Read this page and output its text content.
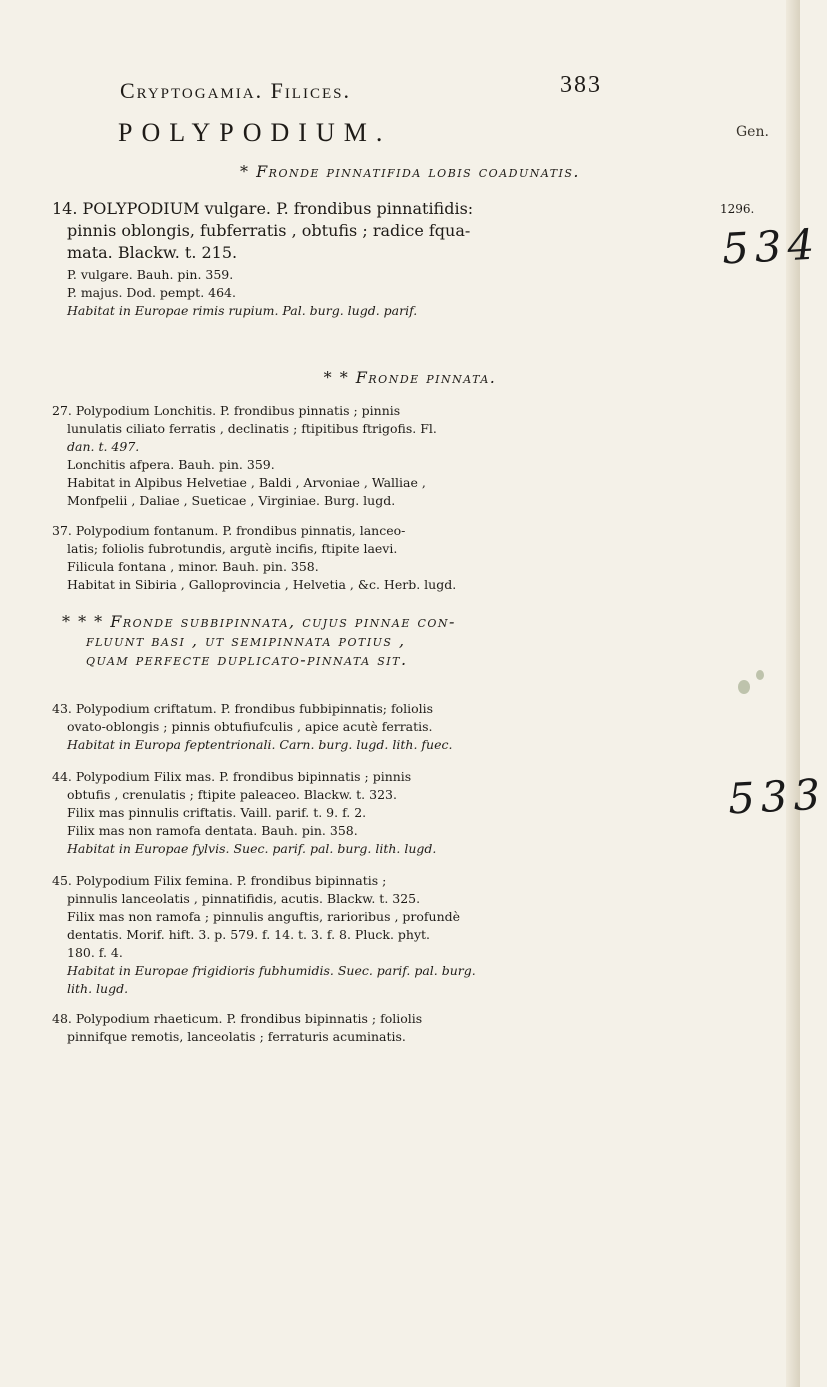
Cryptogamia. Filices.	383
POLYPODIUM.	Gen.
* Fronde pinnatifida lobis coadunatis.
14. POLYPODIUM vulgare. P. frondibus pinnatifidis:
pinnis oblongis, fubferratis , obtufis ; radice fqua-
mata. Blackw. t. 215.
P. vulgare. Bauh. pin. 359.
P. majus. Dod. pempt. 464.
Habitat in Europae rimis rupium. Pal. burg. lugd. parif.
1296.
534
* * Fronde pinnata.
27. Polypodium Lonchitis. P. frondibus pinnatis ; pinnis
lunulatis ciliato ferratis , declinatis ; ftipitibus ftrigofis. Fl.
dan. t. 497.
Lonchitis afpera. Bauh. pin. 359.
Habitat in Alpibus Helvetiae , Baldi , Arvoniae , Walliae ,
Monfpelii , Daliae , Sueticae , Virginiae. Burg. lugd.
37. Polypodium fontanum. P. frondibus pinnatis, lanceo-
latis; foliolis fubrotundis, argutè incifis, ftipite laevi.
Filicula fontana , minor. Bauh. pin. 358.
Habitat in Sibiria , Galloprovincia , Helvetia , &c. Herb. lugd.
* * * Fronde subbipinnata, cujus pinnae con-
fluunt basi , ut semipinnata potius ,
quam perfecte duplicato-pinnata sit.
43. Polypodium criftatum. P. frondibus fubbipinnatis; foliolis
ovato-oblongis ; pinnis obtufiufculis , apice acutè ferratis.
Habitat in Europa feptentrionali. Carn. burg. lugd. lith. fuec.
44. Polypodium Filix mas. P. frondibus bipinnatis ; pinnis
obtufis , crenulatis ; ftipite paleaceo. Blackw. t. 323.
Filix mas pinnulis criftatis. Vaill. parif. t. 9. f. 2.
Filix mas non ramofa dentata. Bauh. pin. 358.
Habitat in Europae fylvis. Suec. parif. pal. burg. lith. lugd.
533
45. Polypodium Filix femina. P. frondibus bipinnatis ;
pinnulis lanceolatis , pinnatifidis, acutis. Blackw. t. 325.
Filix mas non ramofa ; pinnulis anguftis, rarioribus , profundè
dentatis. Morif. hift. 3. p. 579. f. 14. t. 3. f. 8. Pluck. phyt.
180. f. 4.
Habitat in Europae frigidioris fubhumidis. Suec. parif. pal. burg.
lith. lugd.
48. Polypodium rhaeticum. P. frondibus bipinnatis ; foliolis
pinnifque remotis, lanceolatis ; ferraturis acuminatis.
